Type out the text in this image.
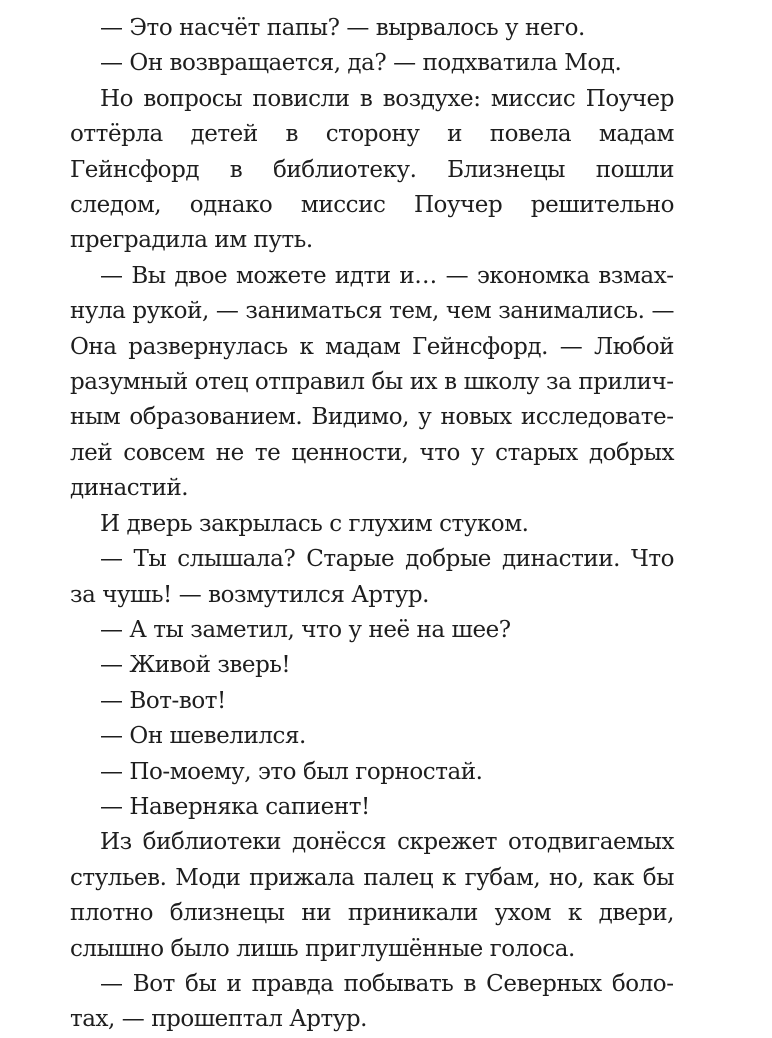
— Это насчёт папы? — вырвалось у него.

— Он возвращается, да? — подхватила Мод.

Но вопросы повисли в воздухе: миссис Поучер оттёрла детей в сторону и повела мадам Гейнсфорд в библиотеку. Близнецы пошли следом, однако миссис Поучер решительно преградила им путь.

— Вы двое можете идти и… — экономка взмахнула рукой, — заниматься тем, чем занимались. — Она развернулась к мадам Гейнсфорд. — Любой разумный отец отправил бы их в школу за приличным образованием. Видимо, у новых исследователей совсем не те ценности, что у старых добрых династий.

И дверь закрылась с глухим стуком.

— Ты слышала? Старые добрые династии. Что за чушь! — возмутился Артур.

— А ты заметил, что у неё на шее?

— Живой зверь!

— Вот-вот!

— Он шевелился.

— По-моему, это был горностай.

— Наверняка сапиент!

Из библиотеки донёсся скрежет отодвигаемых стульев. Моди прижала палец к губам, но, как бы плотно близнецы ни приникали ухом к двери, слышно было лишь приглушённые голоса.

— Вот бы и правда побывать в Северных болотах, — прошептал Артур.
